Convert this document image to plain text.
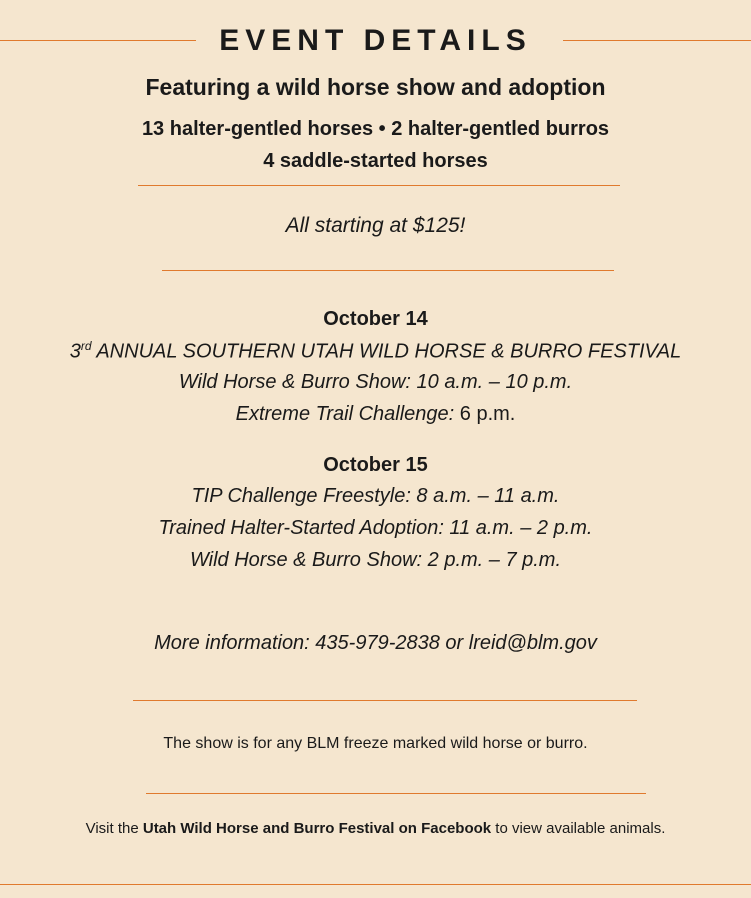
EVENT DETAILS
Featuring a wild horse show and adoption
13 halter-gentled horses • 2 halter-gentled burros
4 saddle-started horses
All starting at $125!
October 14
3rd ANNUAL SOUTHERN UTAH WILD HORSE & BURRO FESTIVAL
Wild Horse & Burro Show: 10 a.m. – 10 p.m.
Extreme Trail Challenge: 6 p.m.
October 15
TIP Challenge Freestyle: 8 a.m. – 11 a.m.
Trained Halter-Started Adoption: 11 a.m. – 2 p.m.
Wild Horse & Burro Show: 2 p.m. – 7 p.m.
More information: 435-979-2838 or lreid@blm.gov
The show is for any BLM freeze marked wild horse or burro.
Visit the Utah Wild Horse and Burro Festival on Facebook to view available animals.
